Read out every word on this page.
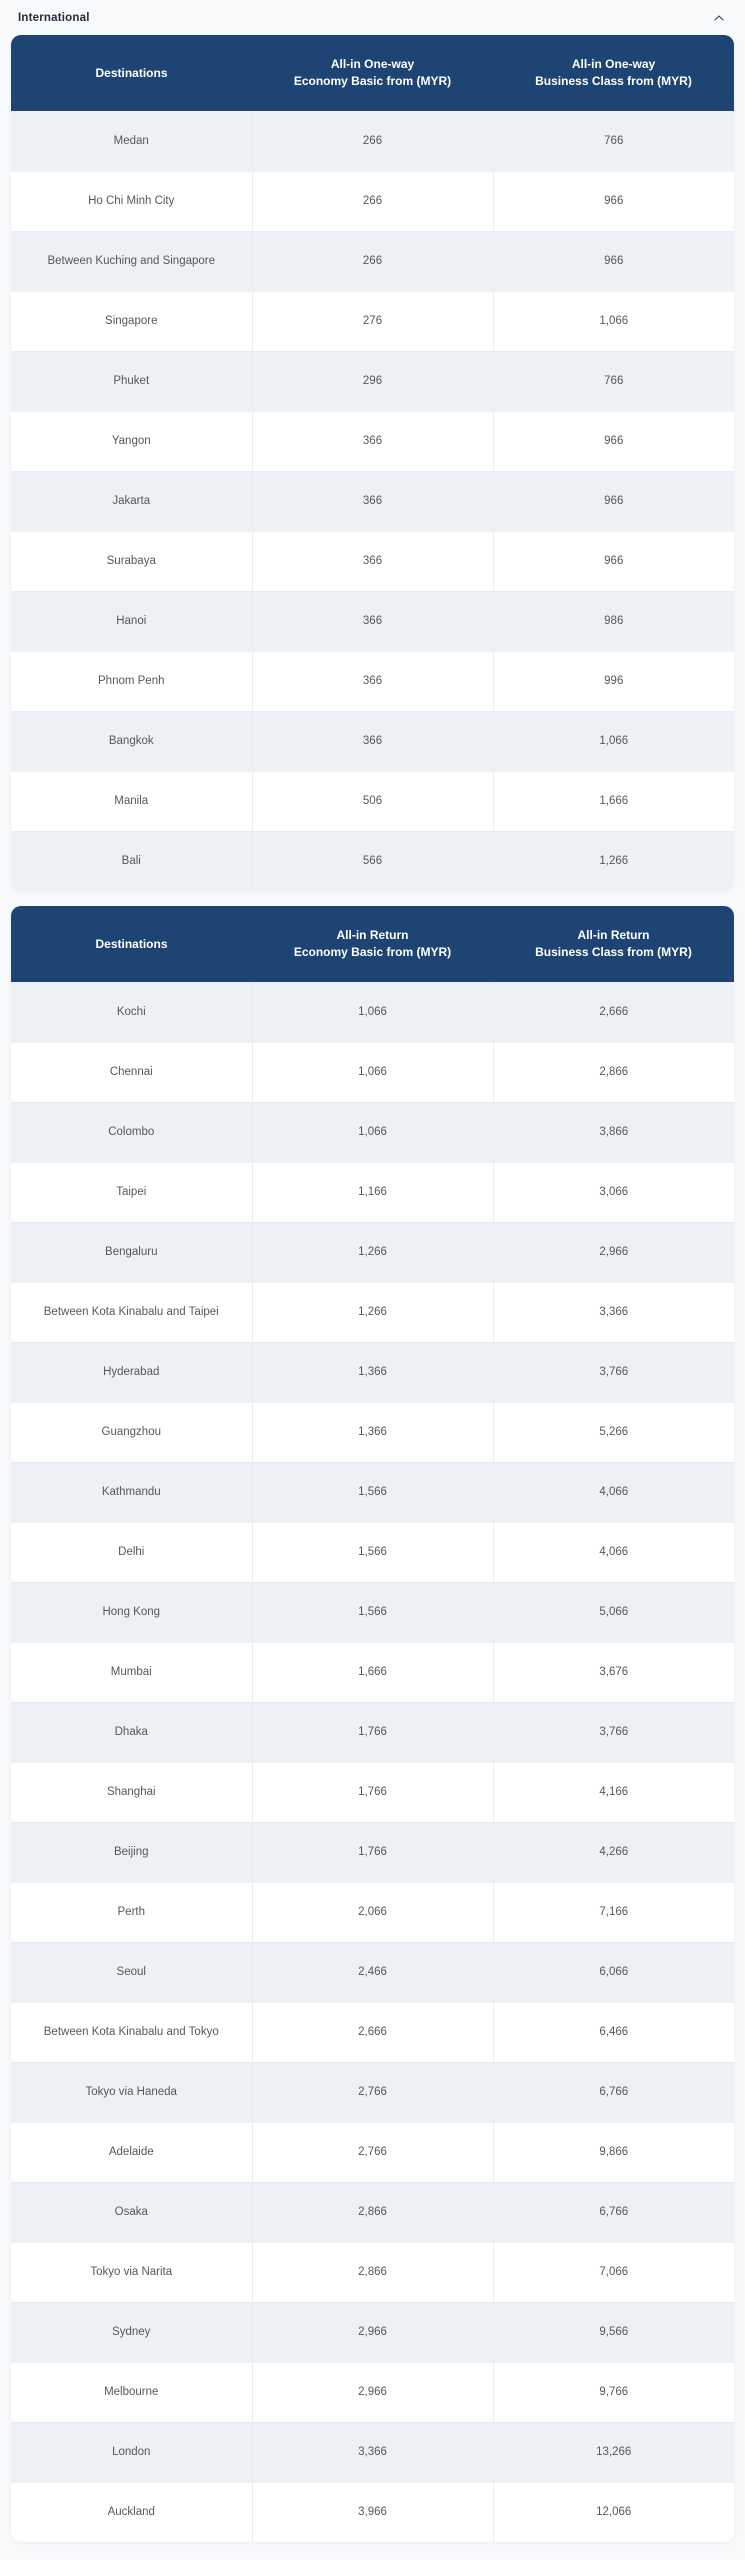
International
Destinations

All-in One-way
Economy Basic from (MYR)

All-in One-way
Business Class from (MYR)

Medan	266	766
Ho Chi Minh City	266	966
Between Kuching and Singapore	266	966
Singapore	276	1,066
Phuket	296	766
Yangon	366	966
Jakarta	366	966
Surabaya	366	966
Hanoi	366	986
Phnom Penh	366	996
Bangkok	366	1,066
Manila	506	1,666
Bali	566	1,266
Destinations

All-in Return
Economy Basic from (MYR)

All-in Return
Business Class from (MYR)

Kochi	1,066	2,666
Chennai	1,066	2,866
Colombo	1,066	3,866
Taipei	1,166	3,066
Bengaluru	1,266	2,966
Between Kota Kinabalu and Taipei	1,266	3,366
Hyderabad	1,366	3,766
Guangzhou	1,366	5,266
Kathmandu	1,566	4,066
Delhi	1,566	4,066
Hong Kong	1,566	5,066
Mumbai	1,666	3,676
Dhaka	1,766	3,766
Shanghai	1,766	4,166
Beijing	1,766	4,266
Perth	2,066	7,166
Seoul	2,466	6,066
Between Kota Kinabalu and Tokyo	2,666	6,466
Tokyo via Haneda	2,766	6,766
Adelaide	2,766	9,866
Osaka	2,866	6,766
Tokyo via Narita	2,866	7,066
Sydney	2,966	9,566
Melbourne	2,966	9,766
London	3,366	13,266
Auckland	3,966	12,066
